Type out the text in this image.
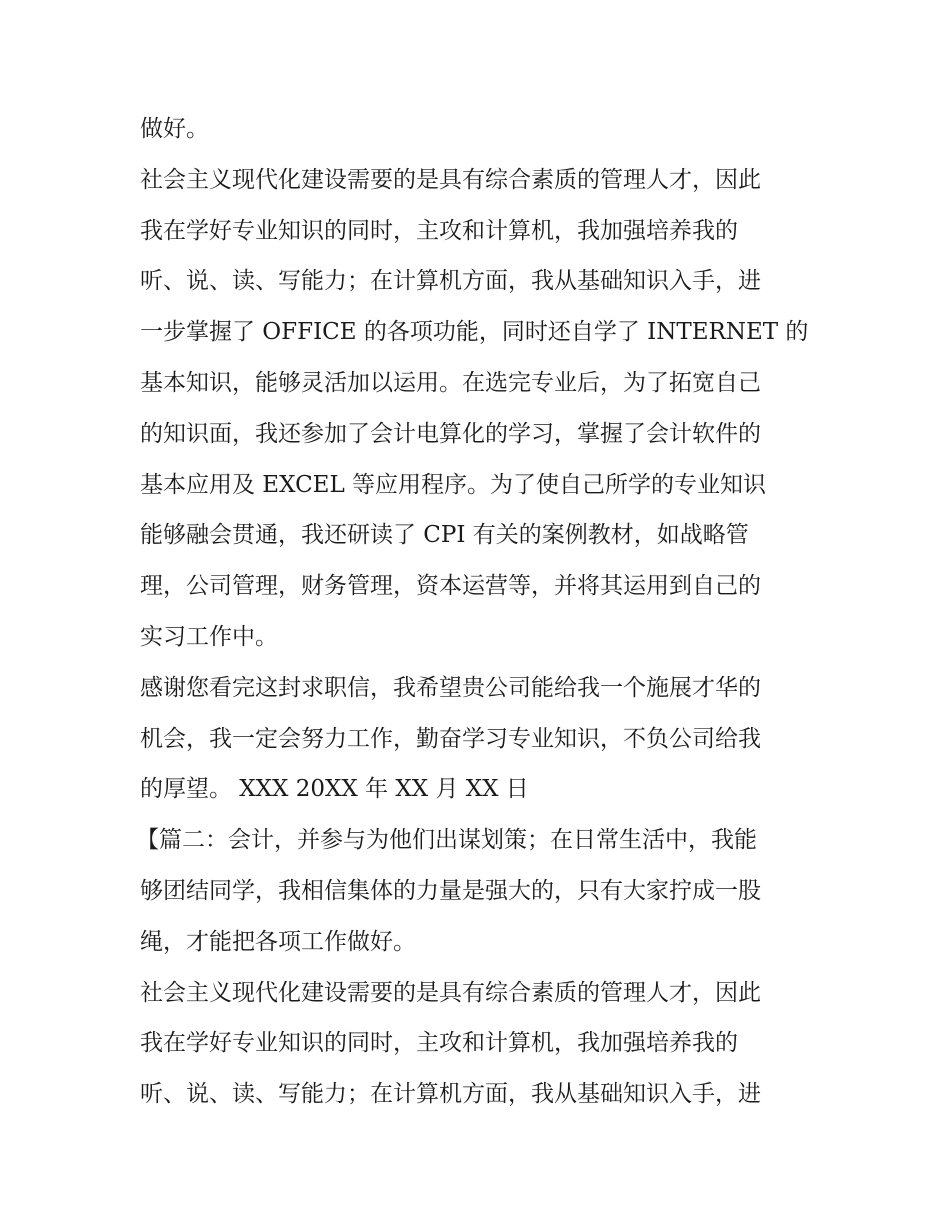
做好。
社会主义现代化建设需要的是具有综合素质的管理人才，因此
我在学好专业知识的同时，主攻和计算机，我加强培养我的
听、说、读、写能力；在计算机方面，我从基础知识入手，进
一步掌握了 OFFICE 的各项功能，同时还自学了 INTERNET 的
基本知识，能够灵活加以运用。在选完专业后，为了拓宽自己
的知识面，我还参加了会计电算化的学习，掌握了会计软件的
基本应用及 EXCEL 等应用程序。为了使自己所学的专业知识
能够融会贯通，我还研读了 CPI 有关的案例教材，如战略管
理，公司管理，财务管理，资本运营等，并将其运用到自己的
实习工作中。
感谢您看完这封求职信，我希望贵公司能给我一个施展才华的
机会，我一定会努力工作，勤奋学习专业知识，不负公司给我
的厚望。 XXX 20XX 年 XX 月 XX 日
【篇二：会计，并参与为他们出谋划策；在日常生活中，我能
够团结同学，我相信集体的力量是强大的，只有大家拧成一股
绳，才能把各项工作做好。
社会主义现代化建设需要的是具有综合素质的管理人才，因此
我在学好专业知识的同时，主攻和计算机，我加强培养我的
听、说、读、写能力；在计算机方面，我从基础知识入手，进
